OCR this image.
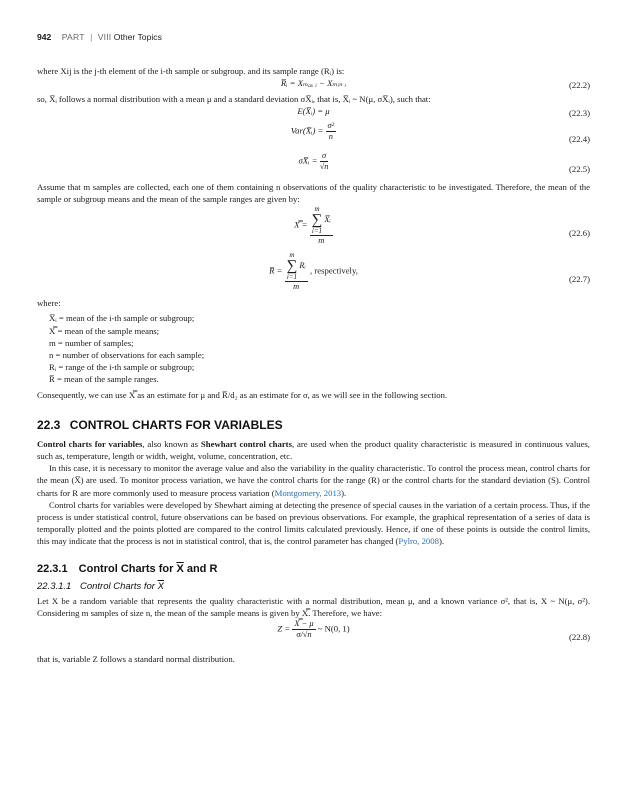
942 PART | VIII Other Topics

where Xij is the j-th element of the i-th sample or subgroup. and its sample range (Rᵢ) is:

R̅ᵢ = Xₘₐₓ ᵢ − Xₘᵢₙ ᵢ	(22.2)

so, X̅ᵢ follows a normal distribution with a mean μ and a standard deviation σX̅ᵢ, that is, X̅ᵢ ~ N(μ, σX̅ᵢ), such that:

E(X̅ᵢ) = μ	(22.3)
Var(X̅ᵢ) = $\frac{\text{σ²}}{n}$	(22.4)
σX̅ᵢ = $\frac{\sigma}{√n}$	(22.5)

Assume that m samples are collected, each one of them containing n observations of the quality characteristic to be investigated. Therefore, the mean of the sample or subgroup means and the mean of the sample ranges are given by:

X̿ = m
∑
i=1
X̅ᵢ
m	(22.6)
R̅ = m
∑
i=1
Rᵢ
m , respectively,
(22.7)

where:

X̅ᵢ = mean of the i-th sample or subgroup;
X̿ = mean of the sample means;
m = number of samples;
n = number of observations for each sample;
Rᵢ = range of the i-th sample or subgroup;
R̅ = mean of the sample ranges.

Consequently, we can use X̿ as an estimate for μ and R̅/d₂ as an estimate for σ, as we will see in the following section.

22.3 CONTROL CHARTS FOR VARIABLES

Control charts for variables, also known as Shewhart control charts, are used when the product quality characteristic is measured in continuous values, such as, temperature, length or width, weight, volume, concentration, etc.

In this case, it is necessary to monitor the average value and also the variability in the quality characteristic. To control the process mean, control charts for the mean (X̅) are used. To monitor process variation, we have the control charts for the range (R) or the control charts for the standard deviation (S). Control charts for R are more commonly used to measure process variation (Montgomery, 2013).

Control charts for variables were developed by Shewhart aiming at detecting the presence of special causes in the variation of a certain process. Thus, if the process is under statistical control, future observations can be based on previous observations. For example, the graphical representation of a series of data is temporally plotted and the points plotted are compared to the control limits calculated previously. Hence, if one of these points is outside the control limits, this may indicate that the process is not in statistical control, that is, the control parameter has changed (Pylro, 2008).

22.3.1 Control Charts for X and R
22.3.1.1 Control Charts for X

Let X be a random variable that represents the quality characteristic with a normal distribution, mean μ, and a known variance σ², that is, X ~ N(μ, σ²). Considering m samples of size n, the mean of the sample means is given by X̿. Therefore, we have:

$Z = \frac{X̿ - \mu}{\sigma/√n}$ ~ N(0, 1)
(22.8)

that is, variable Z follows a standard normal distribution.
